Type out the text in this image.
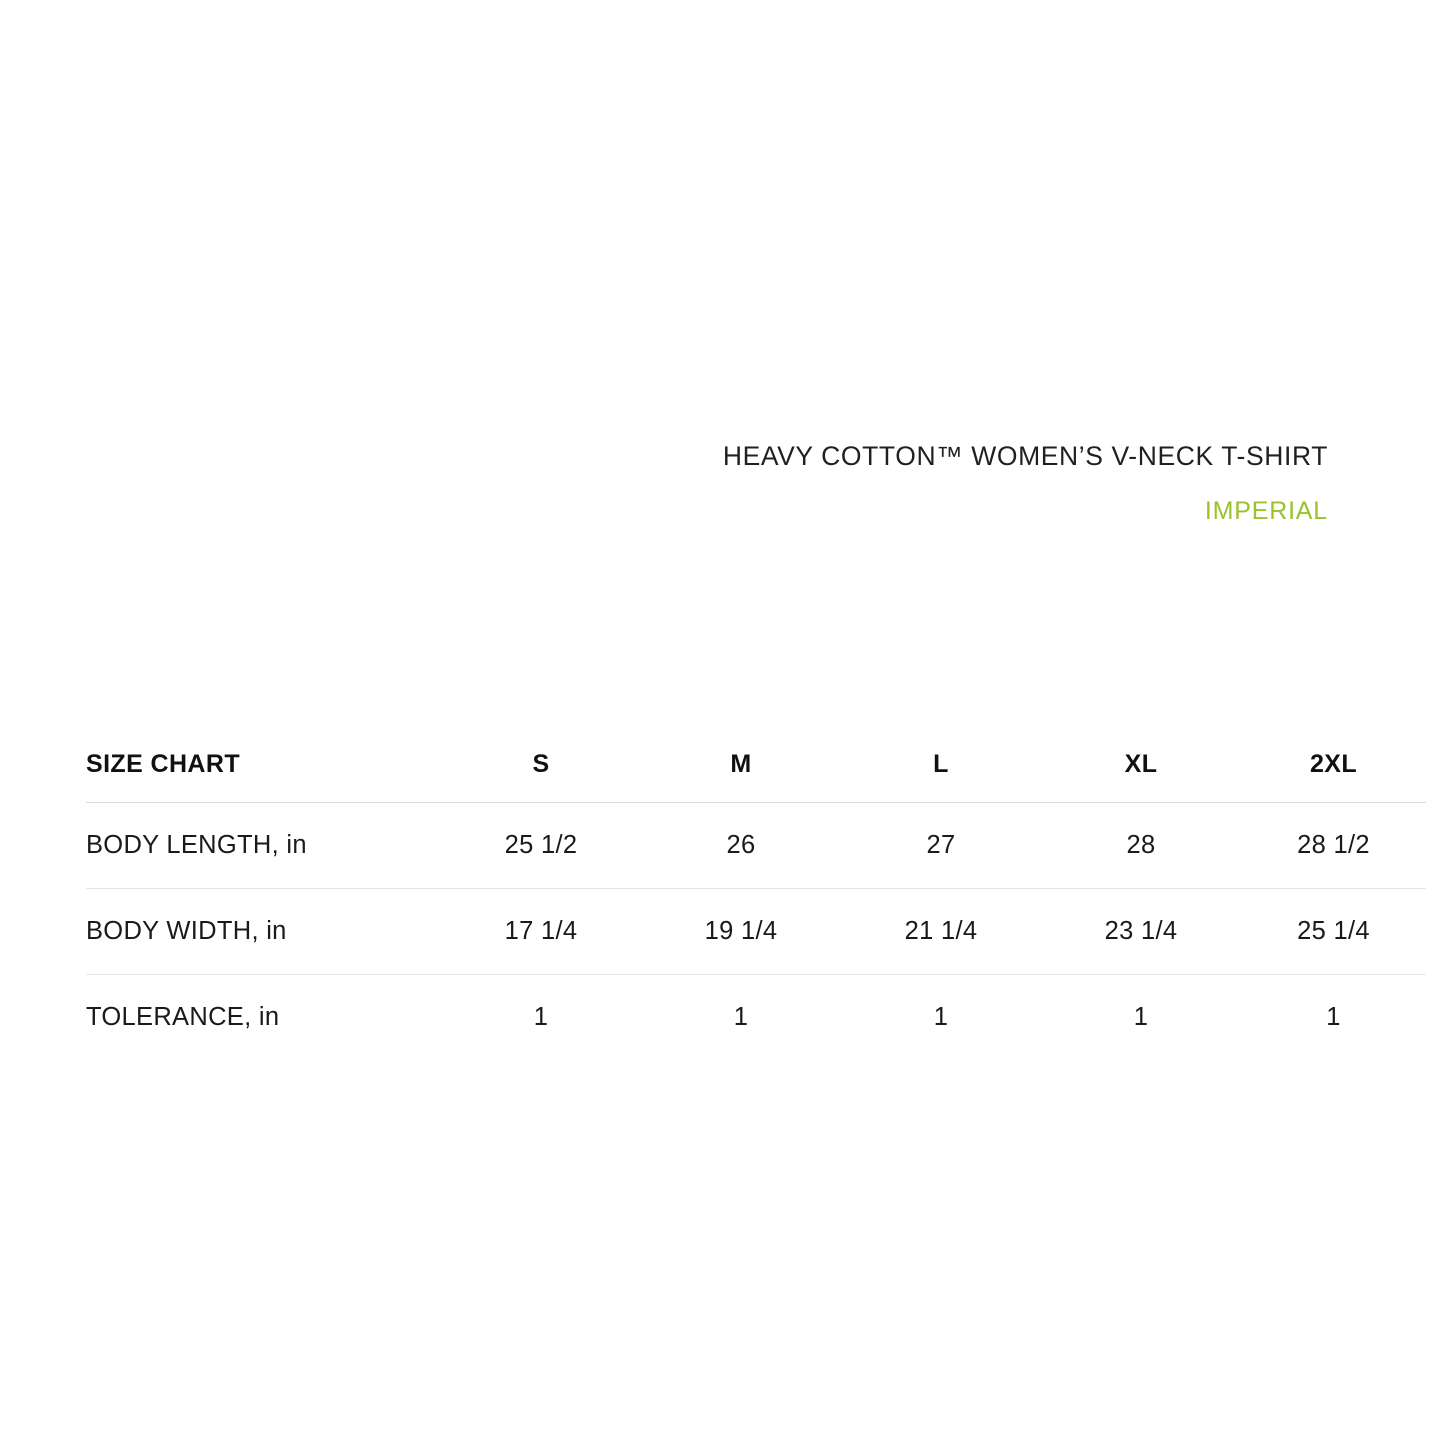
HEAVY COTTON™ WOMEN’S V-NECK T-SHIRT
IMPERIAL
SIZE CHART	S	M	L	XL	2XL
BODY LENGTH, in	25 1/2	26	27	28	28 1/2
BODY WIDTH, in	17 1/4	19 1/4	21 1/4	23 1/4	25 1/4
TOLERANCE, in	1	1	1	1	1
